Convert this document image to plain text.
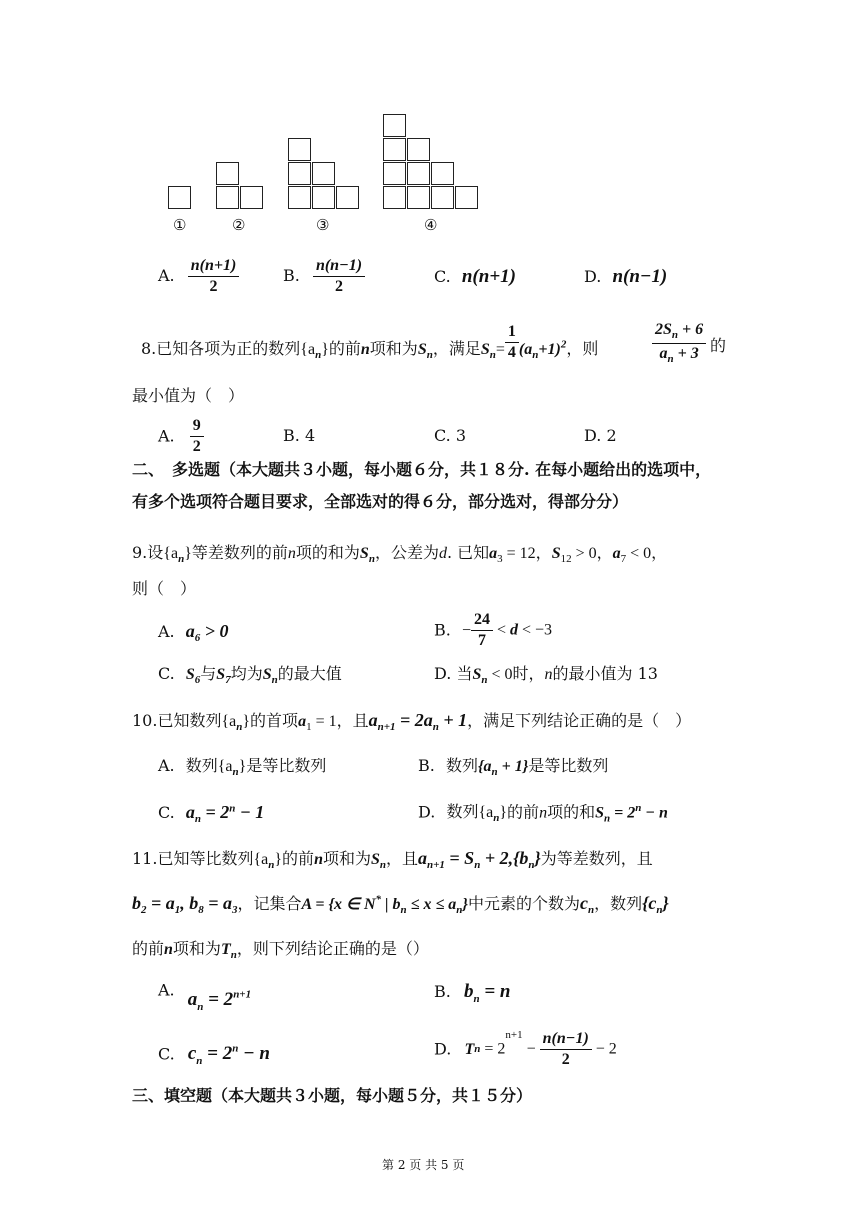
①	②	③	④
A. $\frac{n(n+1)}{2}$	B. $\frac{n(n-1)}{2}$	C. n(n+1)	D. n(n−1)
8.已知各项为正的数列$\{a_n\}$的前n项和为$S_n$，满足$S_n= \frac{1}{4} (a_n+1)^2$，则	$\frac{2S_n + 6}{a_n + 3}$ 的
最小值为（　）
A. $\frac{9}{2}$	B. 4	C. 3	D. 2
二、　多选题（本大题共３小题，每小题６分，共１８分. 在每小题给出的选项中，
有多个选项符合题目要求，全部选对的得６分，部分选对，得部分分）
9.设$\{a_n\}$等差数列的前n项的和为$S_n$，公差为d. 已知$a_3 = 12$，$S_{12} > 0$，$a_7 < 0$，
则（　）
A. $a_6 > 0$	B. − $\frac{24}{7} < d < -3$
C. $S_6$与$S_7$均为$S_n$的最大值	D. 当$S_n < 0$时，n的最小值为 13
10.已知数列$\{a_n\}$的首项$a_1 = 1$，且$a_{n+1} = 2a_n + 1$，满足下列结论正确的是（　）
A. 数列$\{a_n\}$是等比数列	B. 数列$\{a_n + 1\}$是等比数列
C. $a_n = 2^n - 1$	D. 数列$\{a_n\}$的前n项的和$S_n = 2^n - n$
11.已知等比数列$\{a_n\}$的前n项和为$S_n$，且$a_{n+1} = S_n + 2,\{b_n\}$为等差数列，且
$b_2 = a_1$, $b_8 = a_3$，记集合A = {x ∈ N* | $b_n \le x \le a_n$}中元素的个数为$c_n$，数列$\{c_n\}$
的前n项和为$T_n$，则下列结论正确的是（）
A. $a_n = 2^{n+1}$	B. $b_n = n$
C. $c_n = 2^n - n$	D. $Tn = 2^{n+1} - \frac{n(n-1)}{2} - 2$
三、填空题（本大题共３小题，每小题５分，共１５分）
第 2 页 共 5 页
